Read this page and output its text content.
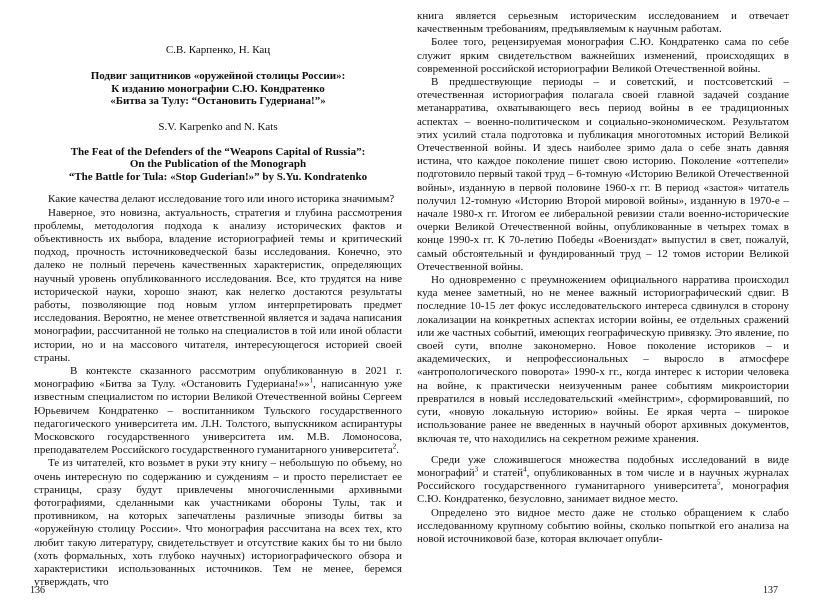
С.В. Карпенко, Н. Кац
Подвиг защитников «оружейной столицы России»:
К изданию монографии С.Ю. Кондратенко
«Битва за Тулу: “Остановить Гудериана!”»
S.V. Karpenko and N. Kats
The Feat of the Defenders of the “Weapons Capital of Russia”:
On the Publication of the Monograph
“The Battle for Tula: «Stop Guderian!»” by S.Yu. Kondratenko

Какие качества делают исследование того или иного историка значимым?

Наверное, это новизна, актуальность, стратегия и глубина рассмотрения проблемы, методология подхода к анализу исторических фактов и объективность их выбора, владение историографией темы и критический подход, прочность источниковедческой базы исследования. Конечно, это далеко не полный перечень качественных характеристик, определяющих научный уровень опубликованного исследования. Все, кто трудятся на ниве исторической науки, хорошо знают, как нелегко достаются результаты работы, позволяющие под новым углом интерпретировать предмет исследования. Вероятно, не менее ответственной является и задача написания монографии, рассчитанной не только на специалистов в той или иной области истории, но и на массового читателя, интересующегося историей своей страны.

В контексте сказанного рассмотрим опубликованную в 2021 г. монографию «Битва за Тулу. «Остановить Гудериана!»»$^1$, написанную уже известным специалистом по истории Великой Отечественной войны Сергеем Юрьевичем Кондратенко – воспитанником Тульского государственного педагогического университета им. Л.Н. Толстого, выпускником аспирантуры Московского государственного университета им. М.В. Ломоносова, преподавателем Российского государственного гуманитарного университета$^2$.

Те из читателей, кто возьмет в руки эту книгу – небольшую по объему, но очень интересную по содержанию и суждениям – и просто перелистает ее страницы, сразу будут привлечены многочисленными архивными фотографиями, сделанными как участниками обороны Тулы, так и противником, на которых запечатлены различные эпизоды битвы за «оружейную столицу России». Что монография рассчитана на всех тех, кто любит такую литературу, свидетельствует и отсутствие каких бы то ни было (хоть формальных, хоть глубоко научных) историографического обзора и характеристики использованных источников. Тем не менее, беремся утверждать, что

136

книга является серьезным историческим исследованием и отвечает качественным требованиям, предъявляемым к научным работам.

Более того, рецензируемая монография С.Ю. Кондратенко сама по себе служит ярким свидетельством важнейших изменений, происходящих в современной российской историографии Великой Отечественной войны.

В предшествующие периоды – и советский, и постсоветский – отечественная историография полагала своей главной задачей создание метанарратива, охватывающего весь период войны в ее традиционных аспектах – военно-политическом и социально-экономическом. Результатом этих усилий стала подготовка и публикация многотомных историй Великой Отечественной войны. И здесь наиболее зримо дала о себе знать давняя истина, что каждое поколение пишет свою историю. Поколение «оттепели» подготовило первый такой труд – 6-томную «Историю Великой Отечественной войны», изданную в первой половине 1960-х гг. В период «застоя» читатель получил 12-томную «Историю Второй мировой войны», изданную в 1970-е – начале 1980-х гг. Итогом ее либеральной ревизии стали военно-исторические очерки Великой Отечественной войны, опубликованные в четырех томах в конце 1990-х гг. К 70-летию Победы «Воениздат» выпустил в свет, пожалуй, самый обстоятельный и фундированный труд – 12 томов истории Великой Отечественной войны.

Но одновременно с преумножением официального нарратива происходил куда менее заметный, но не менее важный историографический сдвиг. В последние 10-15 лет фокус исследовательского интереса сдвинулся в сторону локализации на конкретных аспектах истории войны, ее отдельных сражений или же частных событий, имеющих географическую привязку. Это явление, по своей сути, вполне закономерно. Новое поколение историков – и академических, и непрофессиональных – выросло в атмосфере «антропологического поворота» 1990-х гг., когда интерес к истории человека на войне, к практически неизученным ранее событиям микроистории превратился в новый исследовательский «мейнстрим», сформировавший, по сути, «новую локальную историю» войны. Ее яркая черта – широкое использование ранее не введенных в научный оборот архивных документов, включая те, что находились на секретном режиме хранения.

Среди уже сложившегося множества подобных исследований в виде монографий$^3$ и статей$^4$, опубликованных в том числе и в научных журналах Российского государственного гуманитарного университета$^5$, монография С.Ю. Кондратенко, безусловно, занимает видное место.

Определено это видное место даже не столько обращением к слабо исследованному крупному событию войны, сколько попыткой его анализа на новой источниковой базе, которая включает опубли-

137
